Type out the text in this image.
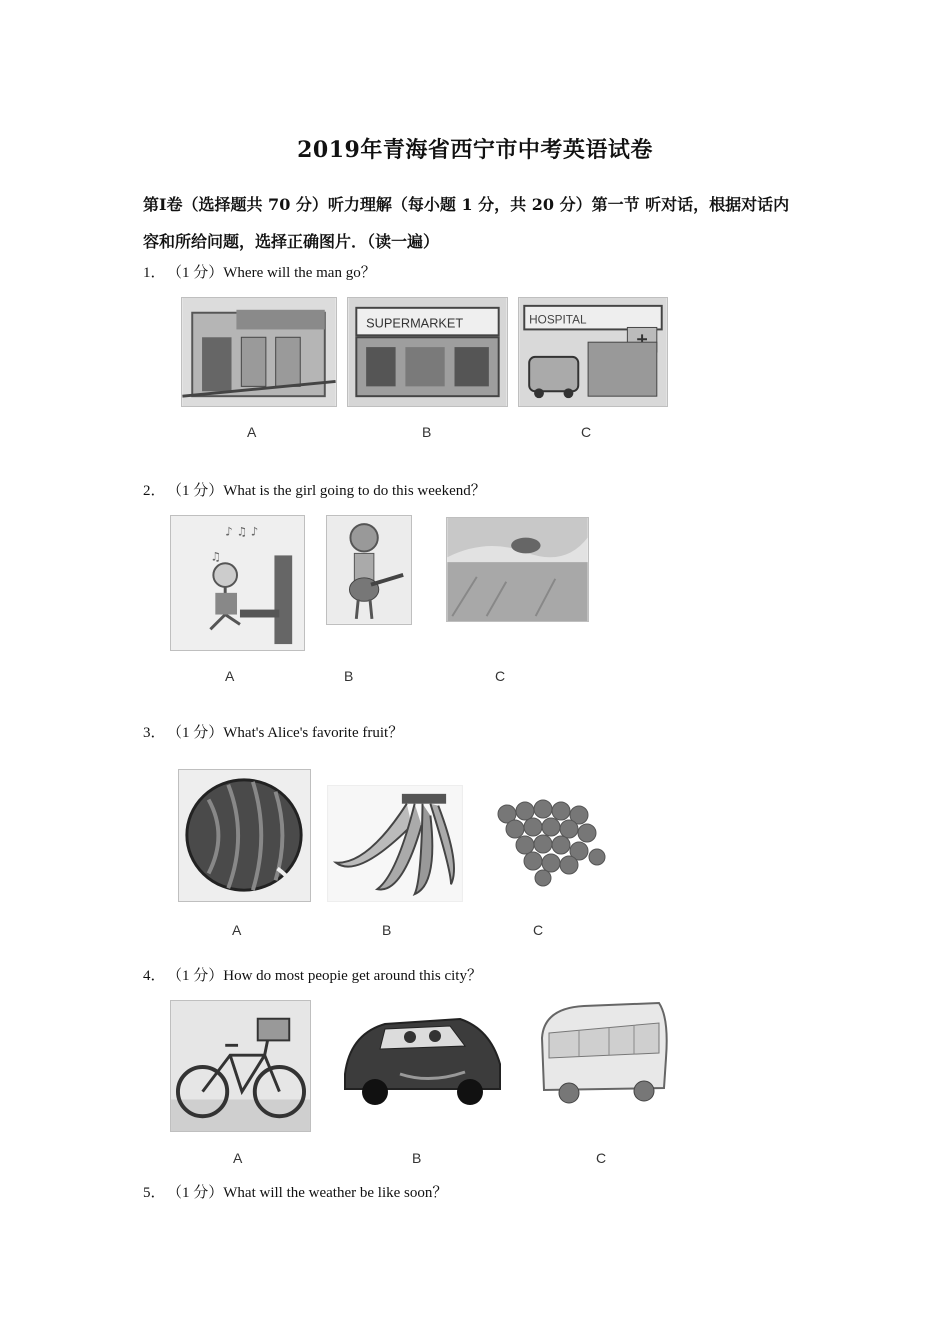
2019年青海省西宁市中考英语试卷
第Ⅰ卷（选择题共 70 分）听力理解（每小题 1 分，共 20 分）第一节 听对话，根据对话内
容和所给问题，选择正确图片．（读一遍）
1．（1 分）Where will the man go？
A
SUPERMARKET
B
HOSPITAL
C
2．（1 分）What is the girl going to do this weekend？
♪ ♫ ♪
♫
A	B	C
3．（1 分）What's Alice's favorite fruit？
A	B	C
4．（1 分）How do most peopie get around this city？
A	B	C
5．（1 分）What will the weather be like soon？
